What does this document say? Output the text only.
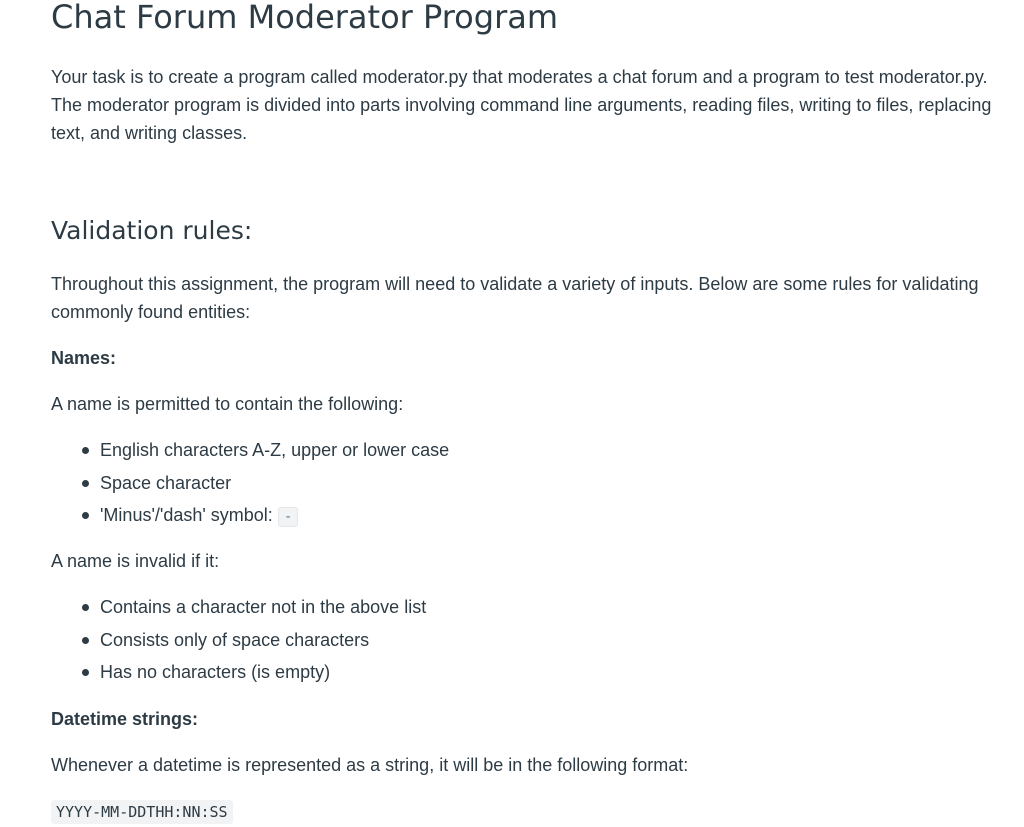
Chat Forum Moderator Program

Your task is to create a program called moderator.py that moderates a chat forum and a program to test moderator.py. The moderator program is divided into parts involving command line arguments, reading files, writing to files, replacing text, and writing classes.

Validation rules:

Throughout this assignment, the program will need to validate a variety of inputs. Below are some rules for validating commonly found entities:

Names:

A name is permitted to contain the following:

English characters A-Z, upper or lower case
Space character
'Minus'/'dash' symbol: -

A name is invalid if it:

Contains a character not in the above list
Consists only of space characters
Has no characters (is empty)

Datetime strings:

Whenever a datetime is represented as a string, it will be in the following format:

YYYY-MM-DDTHH:NN:SS
